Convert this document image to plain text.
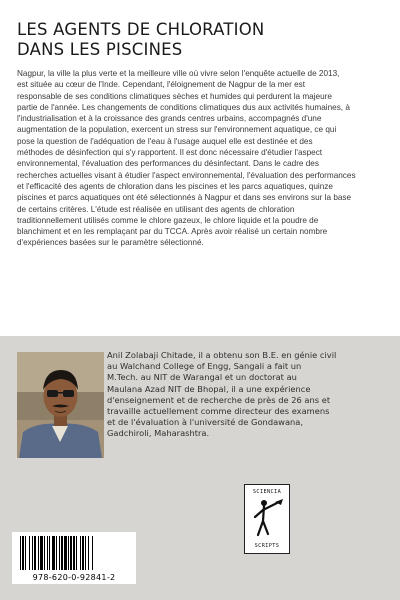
LES AGENTS DE CHLORATION
DANS LES PISCINES
Nagpur, la ville la plus verte et la meilleure ville où vivre selon l'enquête actuelle de 2013,
est située au cœur de l'Inde. Cependant, l'éloignement de Nagpur de la mer est
responsable de ses conditions climatiques sèches et humides qui perdurent la majeure
partie de l'année. Les changements de conditions climatiques dus aux activités humaines, à
l'industrialisation et à la croissance des grands centres urbains, accompagnés d'une
augmentation de la population, exercent un stress sur l'environnement aquatique, ce qui
pose la question de l'adéquation de l'eau à l'usage auquel elle est destinée et des
méthodes de désinfection qui s'y rapportent. Il est donc nécessaire d'étudier l'aspect
environnemental, l'évaluation des performances du désinfectant. Dans le cadre des
recherches actuelles visant à étudier l'aspect environnemental, l'évaluation des performances
et l'efficacité des agents de chloration dans les piscines et les parcs aquatiques, quinze
piscines et parcs aquatiques ont été sélectionnés à Nagpur et dans ses environs sur la base
de certains critères. L'étude est réalisée en utilisant des agents de chloration
traditionnellement utilisés comme le chlore gazeux, le chlore liquide et la poudre de
blanchiment et en les remplaçant par du TCCA. Après avoir réalisé un certain nombre
d'expériences basées sur le paramètre sélectionné.
Anil Zolabaji Chitade, il a obtenu son B.E. en génie civil
au Walchand College of Engg, Sangali a fait un
M.Tech. au NIT de Warangal et un doctorat au
Maulana Azad NIT de Bhopal, il a une expérience
d'enseignement et de recherche de près de 26 ans et
travaille actuellement comme directeur des examens
et de l'évaluation à l'université de Gondawana,
Gadchiroli, Maharashtra.
SCIENCIA
SCRIPTS
978-620-0-92841-2
